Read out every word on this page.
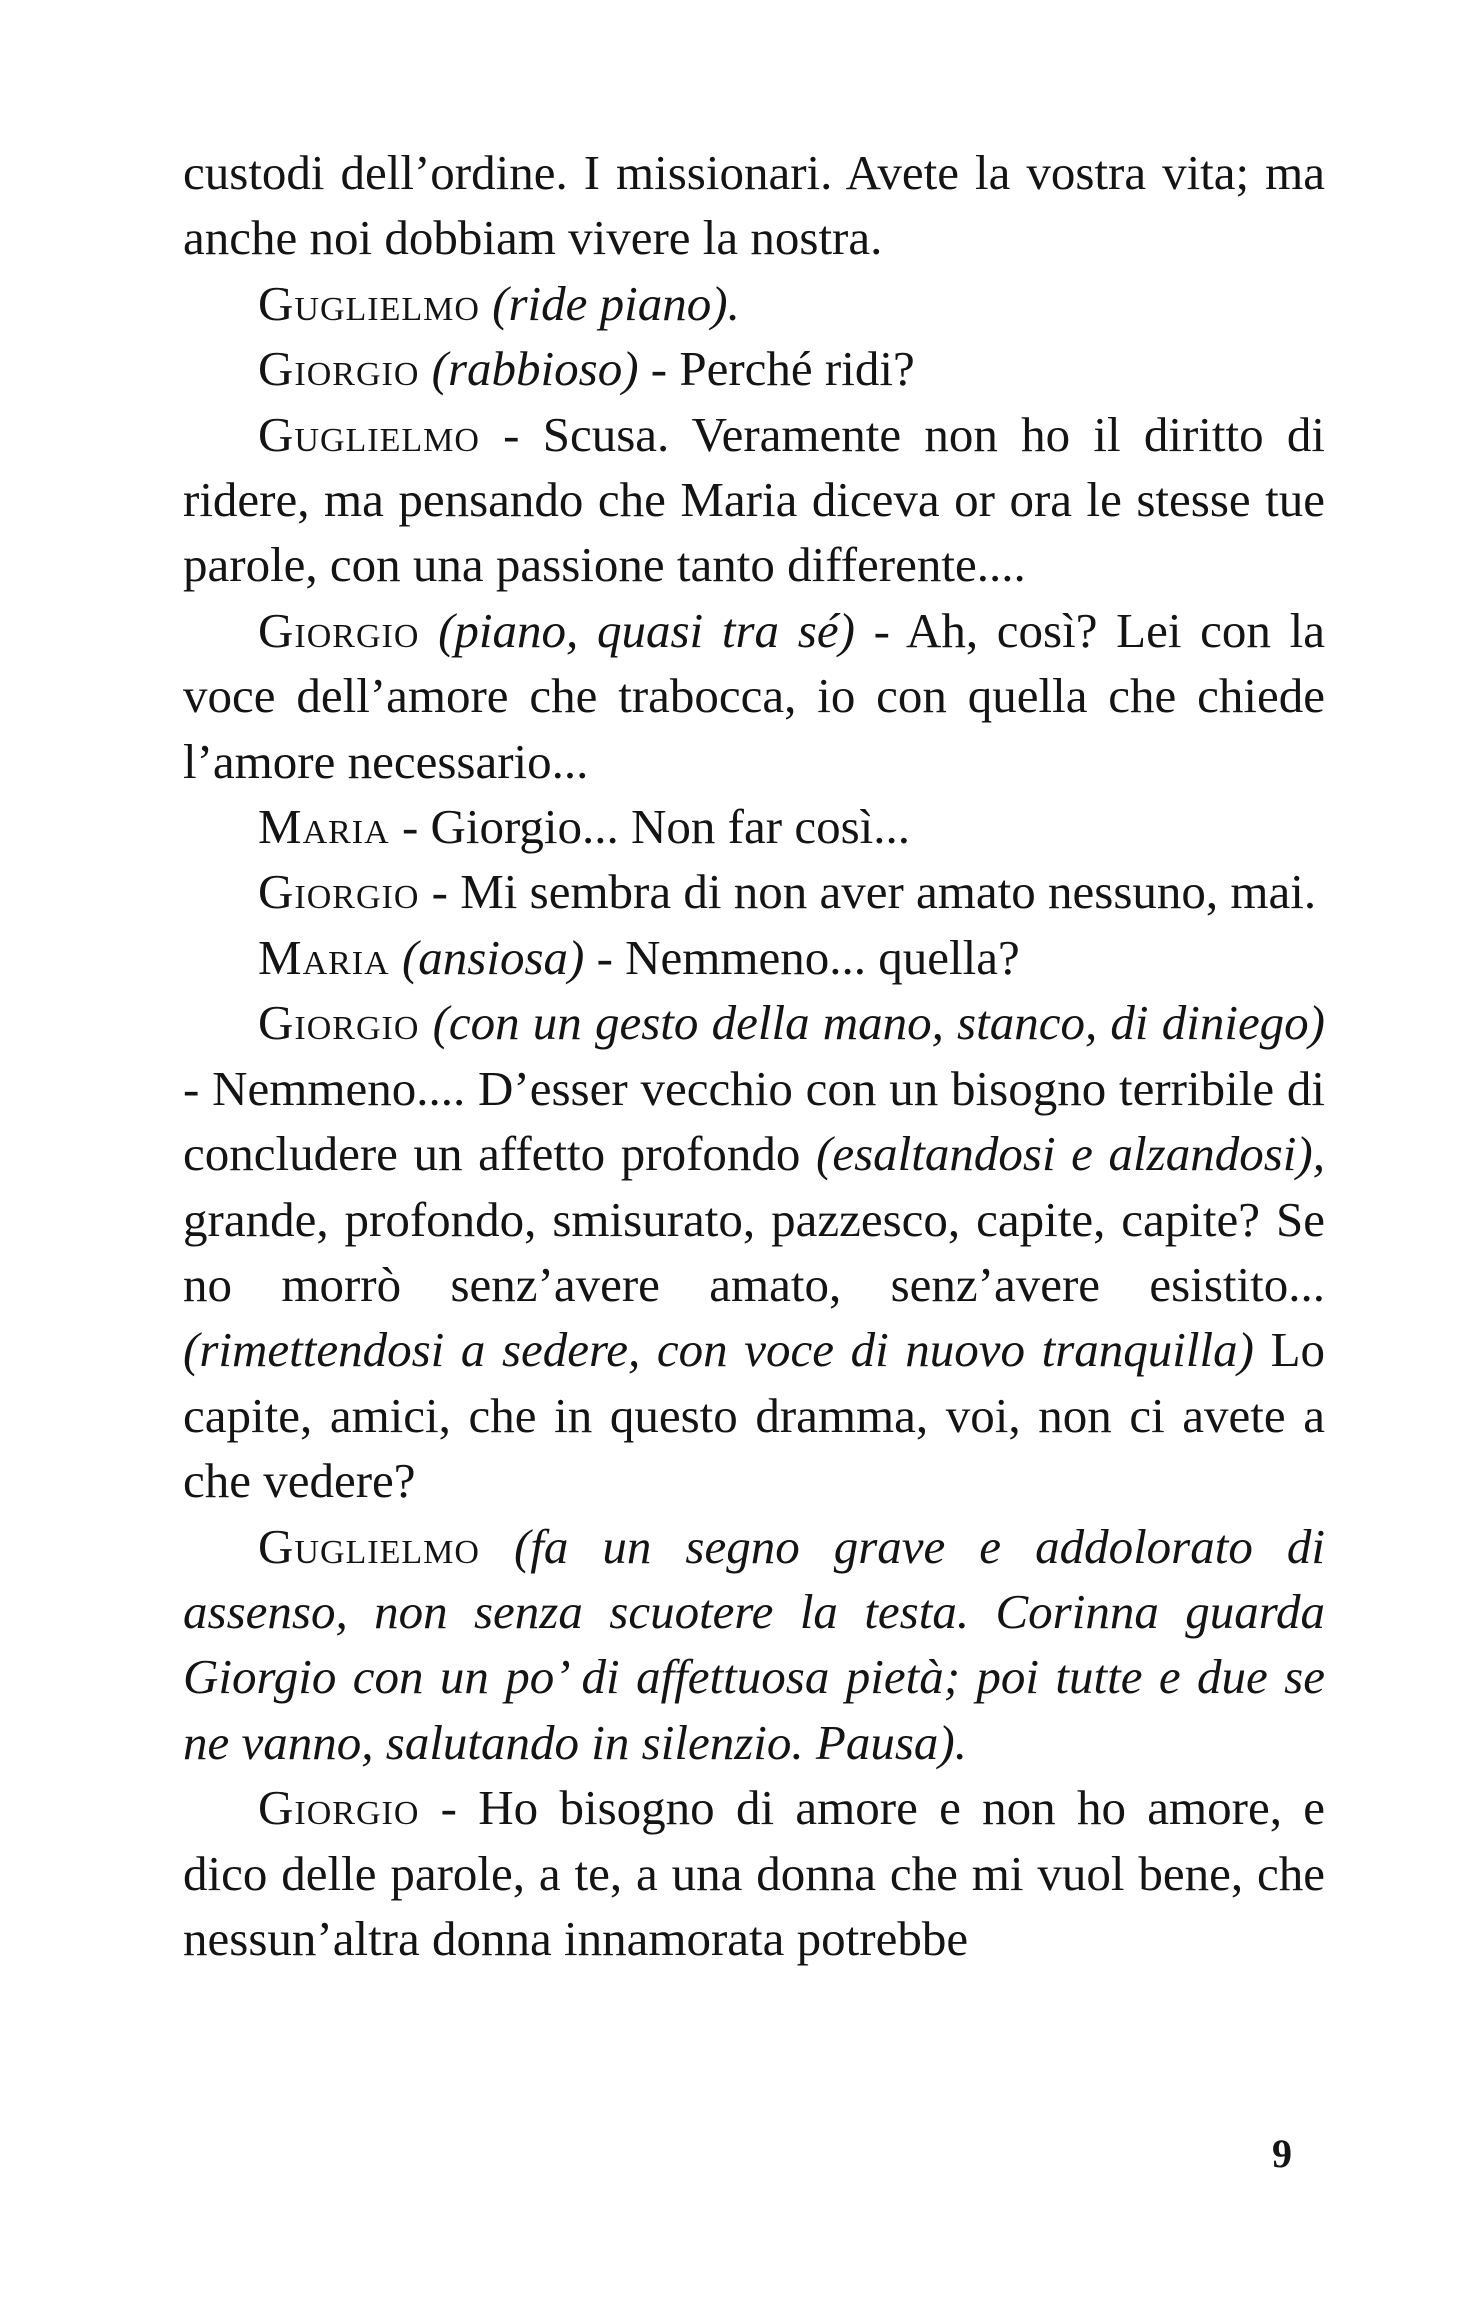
custodi dell’ordine. I missionari. Avete la vostra vita; ma anche noi dobbiam vivere la nostra.

Guglielmo (ride piano).

Giorgio (rabbioso) - Perché ridi?

Guglielmo - Scusa. Veramente non ho il diritto di ridere, ma pensando che Maria diceva or ora le stesse tue parole, con una passione tanto differente....

Giorgio (piano, quasi tra sé) - Ah, così? Lei con la voce dell’amore che trabocca, io con quella che chiede l’amore necessario...

Maria - Giorgio... Non far così...

Giorgio - Mi sembra di non aver amato nessuno, mai.

Maria (ansiosa) - Nemmeno... quella?

Giorgio (con un gesto della mano, stanco, di diniego) - Nemmeno.... D’esser vecchio con un bisogno terribile di concludere un affetto profondo (esaltandosi e alzandosi), grande, profondo, smisurato, pazzesco, capite, capite? Se no morrò senz’avere amato, senz’avere esistito... (rimettendosi a sedere, con voce di nuovo tranquilla) Lo capite, amici, che in questo dramma, voi, non ci avete a che vedere?

Guglielmo (fa un segno grave e addolorato di assenso, non senza scuotere la testa. Corinna guarda Giorgio con un po’ di affettuosa pietà; poi tutte e due se ne vanno, salutando in silenzio. Pausa).

Giorgio - Ho bisogno di amore e non ho amore, e dico delle parole, a te, a una donna che mi vuol bene, che nessun’altra donna innamorata potrebbe

9
